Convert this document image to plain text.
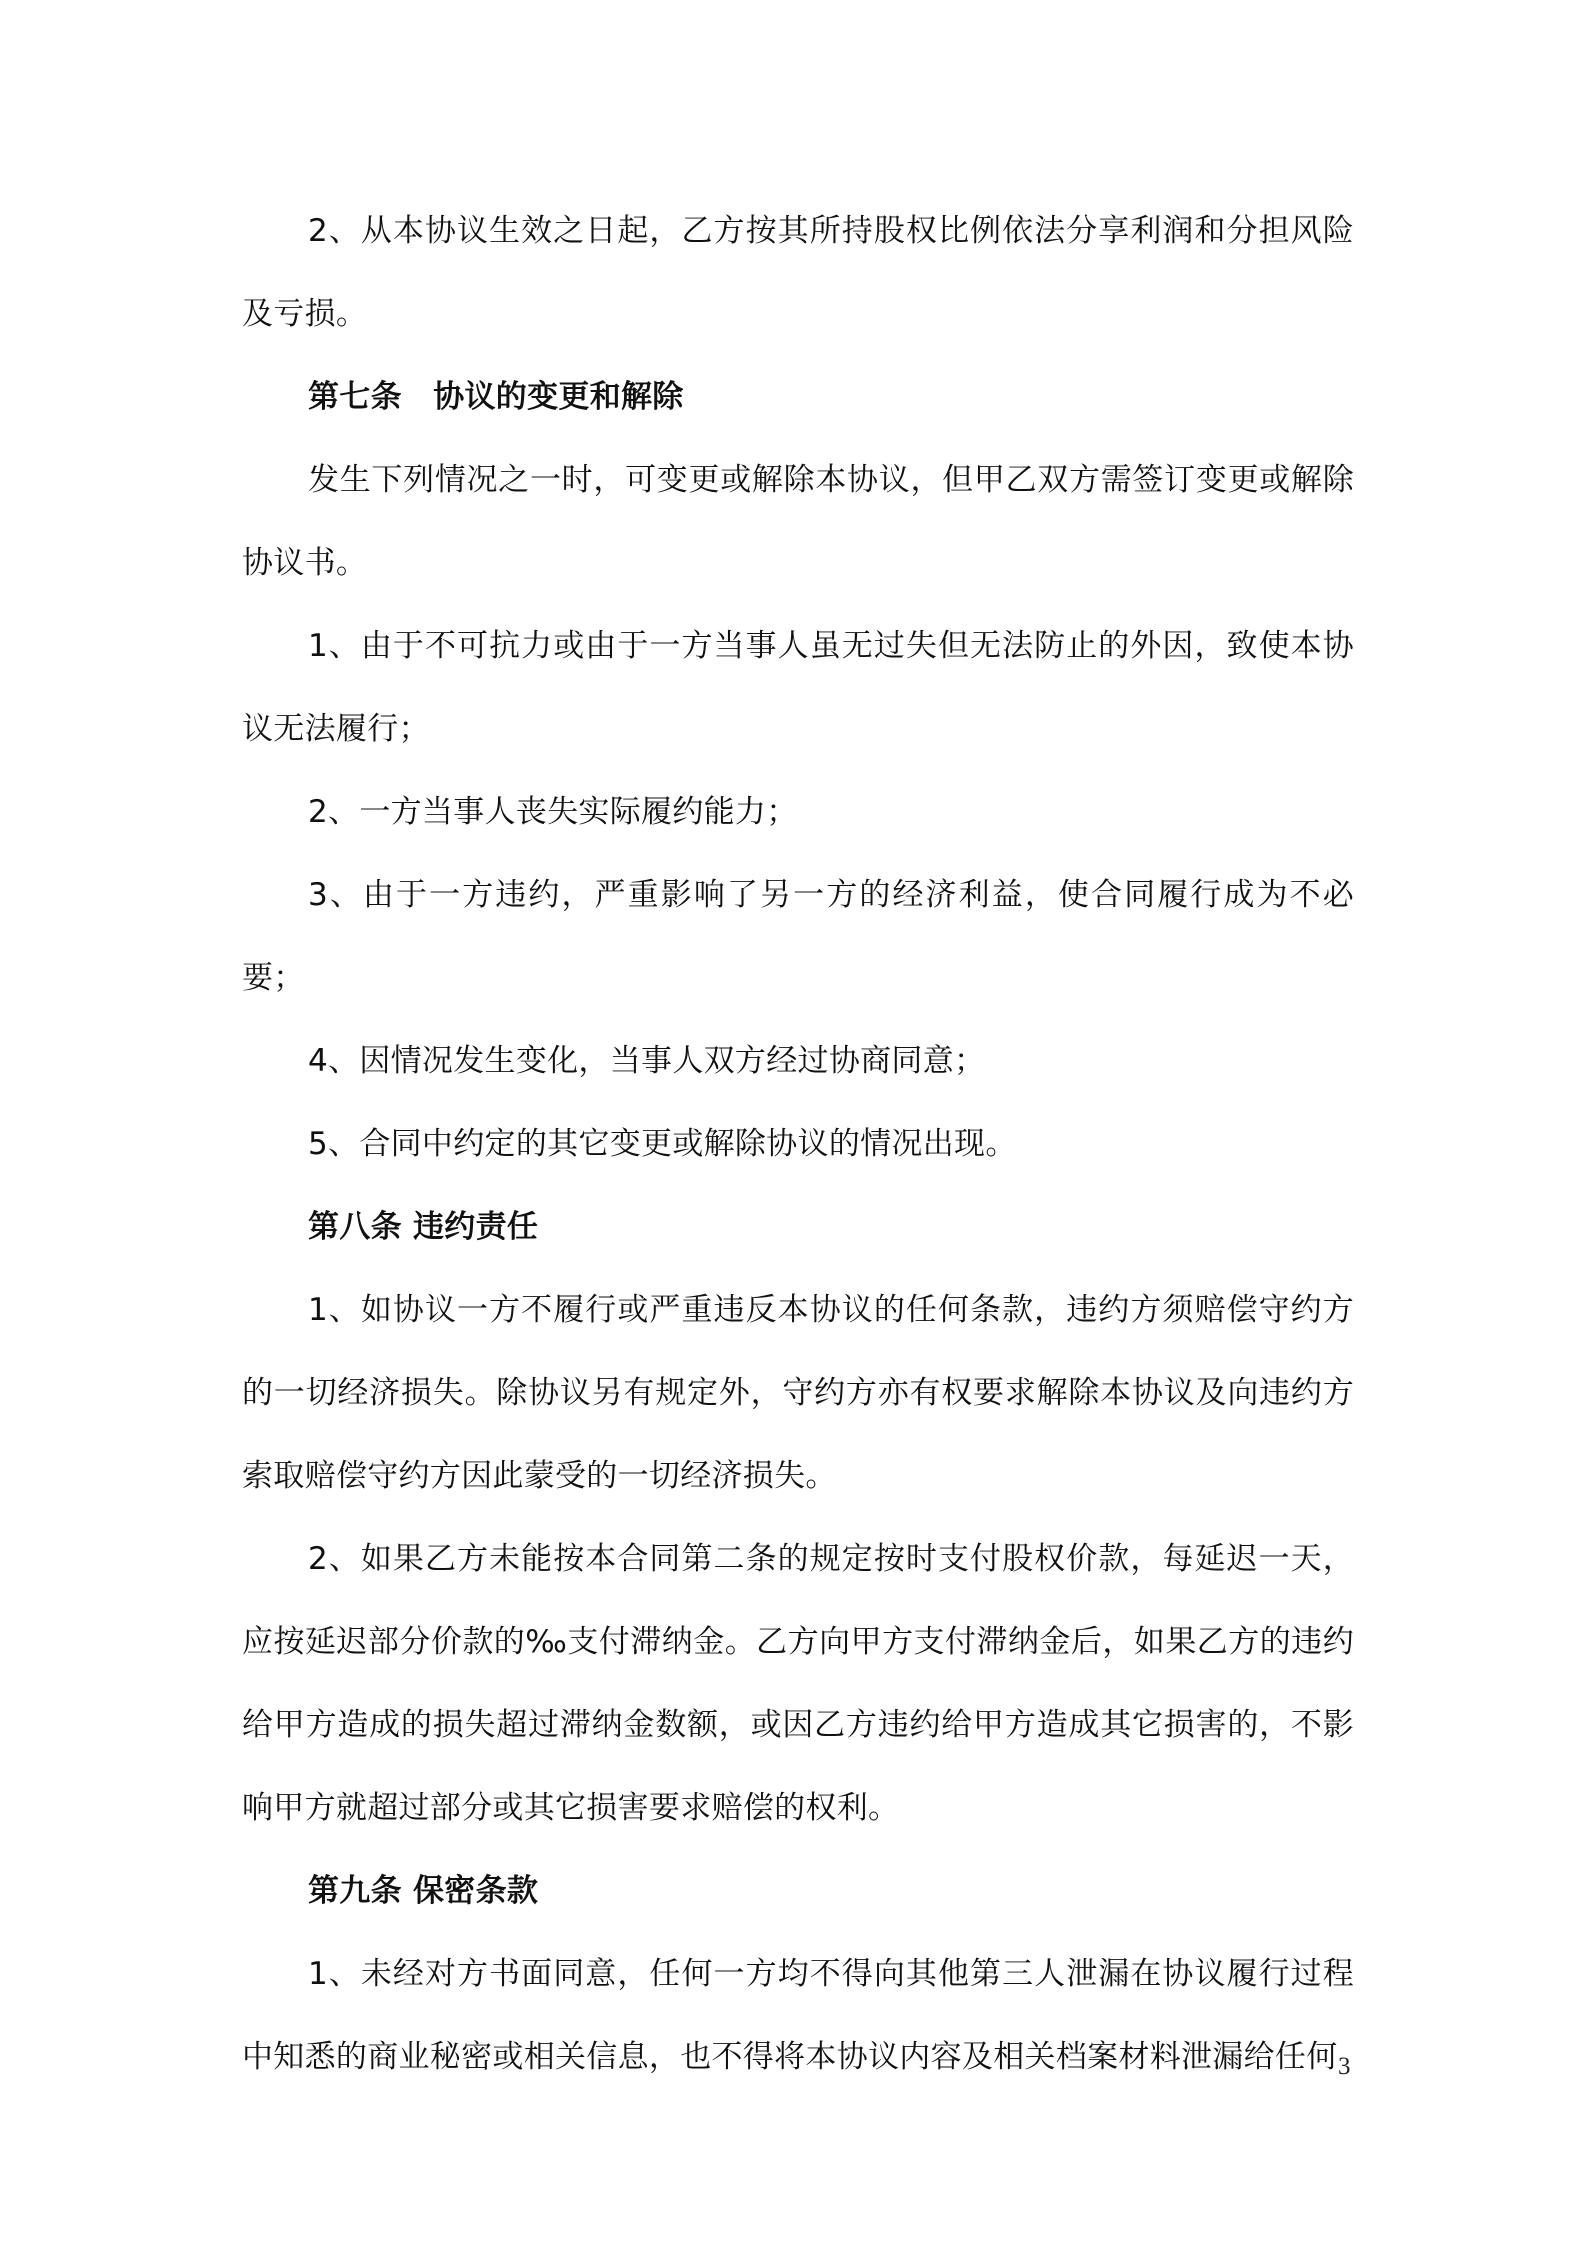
2、从本协议生效之日起，乙方按其所持股权比例依法分享利润和分担风险及亏损。

第七条　协议的变更和解除

发生下列情况之一时，可变更或解除本协议，但甲乙双方需签订变更或解除协议书。

1、由于不可抗力或由于一方当事人虽无过失但无法防止的外因，致使本协议无法履行；

2、一方当事人丧失实际履约能力；

3、由于一方违约，严重影响了另一方的经济利益，使合同履行成为不必要；

4、因情况发生变化，当事人双方经过协商同意；

5、合同中约定的其它变更或解除协议的情况出现。

第八条 违约责任

1、如协议一方不履行或严重违反本协议的任何条款，违约方须赔偿守约方的一切经济损失。除协议另有规定外，守约方亦有权要求解除本协议及向违约方索取赔偿守约方因此蒙受的一切经济损失。

2、如果乙方未能按本合同第二条的规定按时支付股权价款，每延迟一天，应按延迟部分价款的‰支付滞纳金。乙方向甲方支付滞纳金后，如果乙方的违约给甲方造成的损失超过滞纳金数额，或因乙方违约给甲方造成其它损害的，不影响甲方就超过部分或其它损害要求赔偿的权利。

第九条 保密条款

1、未经对方书面同意，任何一方均不得向其他第三人泄漏在协议履行过程中知悉的商业秘密或相关信息，也不得将本协议内容及相关档案材料泄漏给任何 3
